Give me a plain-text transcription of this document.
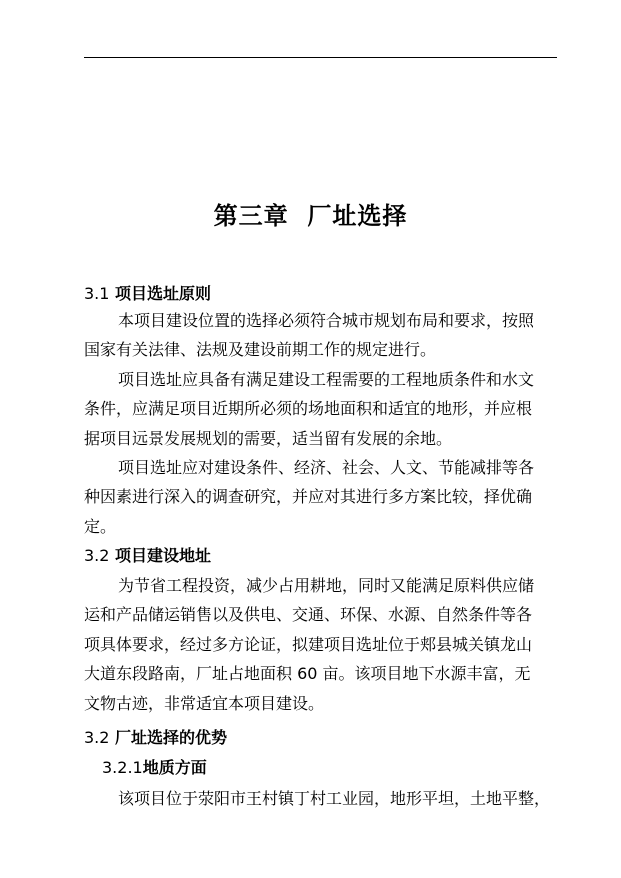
第三章  厂址选择
3.1 项目选址原则
本项目建设位置的选择必须符合城市规划布局和要求，按照
国家有关法律、法规及建设前期工作的规定进行。
项目选址应具备有满足建设工程需要的工程地质条件和水文
条件，应满足项目近期所必须的场地面积和适宜的地形，并应根
据项目远景发展规划的需要，适当留有发展的余地。
项目选址应对建设条件、经济、社会、人文、节能减排等各
种因素进行深入的调查研究，并应对其进行多方案比较，择优确
定。
3.2 项目建设地址
为节省工程投资，减少占用耕地，同时又能满足原料供应储
运和产品储运销售以及供电、交通、环保、水源、自然条件等各
项具体要求，经过多方论证，拟建项目选址位于郏县城关镇龙山
大道东段路南，厂址占地面积 60 亩。该项目地下水源丰富，无
文物古迹，非常适宜本项目建设。
3.2 厂址选择的优势
3.2.1地质方面
该项目位于荥阳市王村镇丁村工业园，地形平坦，土地平整，
